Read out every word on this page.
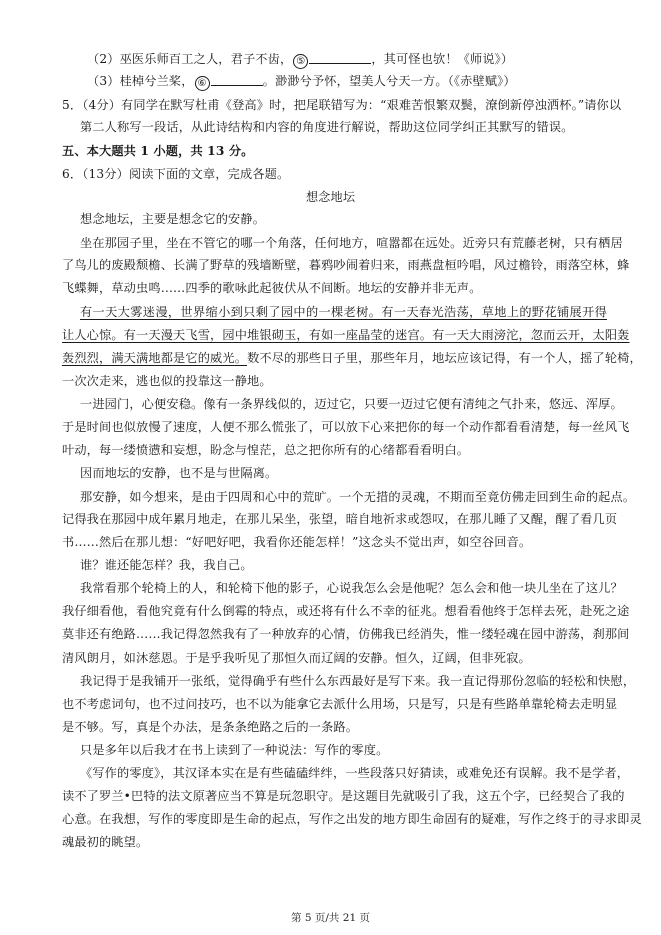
（2）巫医乐师百工之人，君子不齿， ⑤	，其可怪也欤！《师说》）
（3）桂棹兮兰桨， ⑥	。渺渺兮予怀，望美人兮天一方。（《赤壁赋》）
5．（4分）有同学在默写杜甫《登高》时，把尾联错写为：“艰难苦恨繁双鬓，潦倒新停浊洒杯。”请你以
第二人称写一段话，从此诗结构和内容的角度进行解说，帮助这位同学纠正其默写的错误。
五、本大题共 1 小题，共 13 分。
6．（13分）阅读下面的文章，完成各题。
想念地坛
想念地坛，主要是想念它的安静。
坐在那园子里，坐在不管它的哪一个角落，任何地方，喧嚣都在远处。近旁只有荒藤老树，只有栖居
了鸟儿的废殿颓檐、长满了野草的残墙断壁，暮鸦吵闹着归来，雨燕盘桓吟唱，风过檐铃，雨落空林，蜂
飞蝶舞，草动虫鸣……四季的歌咏此起彼伏从不间断。地坛的安静并非无声。
有一天大雾迷漫，世界缩小到只剩了园中的一棵老树。有一天春光浩荡，草地上的野花铺展开得
让人心惊。有一天漫天飞雪，园中堆银砌玉，有如一座晶莹的迷宫。有一天大雨滂沱，忽而云开，太阳轰
轰烈烈，满天满地都是它的威光。数不尽的那些日子里，那些年月，地坛应该记得，有一个人，摇了轮椅，
一次次走来，逃也似的投靠这一静地。
一进园门，心便安稳。像有一条界线似的，迈过它，只要一迈过它便有清纯之气扑来，悠远、浑厚。
于是时间也似放慢了速度，人便不那么慌张了，可以放下心来把你的每一个动作都看看清楚，每一丝风飞
叶动，每一缕愤懑和妄想，盼念与惶茫，总之把你所有的心绪都看看明白。
因而地坛的安静，也不是与世隔离。
那安静，如今想来，是由于四周和心中的荒旷。一个无措的灵魂，不期而至竟仿佛走回到生命的起点。
记得我在那园中成年累月地走，在那儿呆坐，张望，暗自地祈求或怨叹，在那儿睡了又醒，醒了看几页
书……然后在那儿想：“好吧好吧，我看你还能怎样！”这念头不觉出声，如空谷回音。
谁？谁还能怎样？我，我自己。
我常看那个轮椅上的人，和轮椅下他的影子，心说我怎么会是他呢？怎么会和他一块儿坐在了这儿？
我仔细看他，看他究竟有什么倒霉的特点，或还将有什么不幸的征兆。想看看他终于怎样去死，赴死之途
莫非还有绝路……我记得忽然我有了一种放弃的心情，仿佛我已经消失，惟一缕轻魂在园中游荡，刹那间
清风朗月，如沐慈恩。于是乎我听见了那恒久而辽阔的安静。恒久，辽阔，但非死寂。
我记得于是我铺开一张纸，觉得确乎有些什么东西最好是写下来。我一直记得那份忽临的轻松和快慰，
也不考虑词句，也不过问技巧，也不以为能拿它去派什么用场，只是写，只是有些路单靠轮椅去走明显
是不够。写，真是个办法，是条条绝路之后的一条路。
只是多年以后我才在书上读到了一种说法：写作的零度。
《写作的零度》，其汉译本实在是有些磕磕绊绊，一些段落只好猜读，或难免还有误解。我不是学者，
读不了罗兰•巴特的法文原著应当不算是玩忽职守。是这题目先就吸引了我，这五个字，已经契合了我的
心意。在我想，写作的零度即是生命的起点，写作之出发的地方即生命固有的疑难，写作之终于的寻求即灵
魂最初的眺望。
第 5 页/共 21 页
